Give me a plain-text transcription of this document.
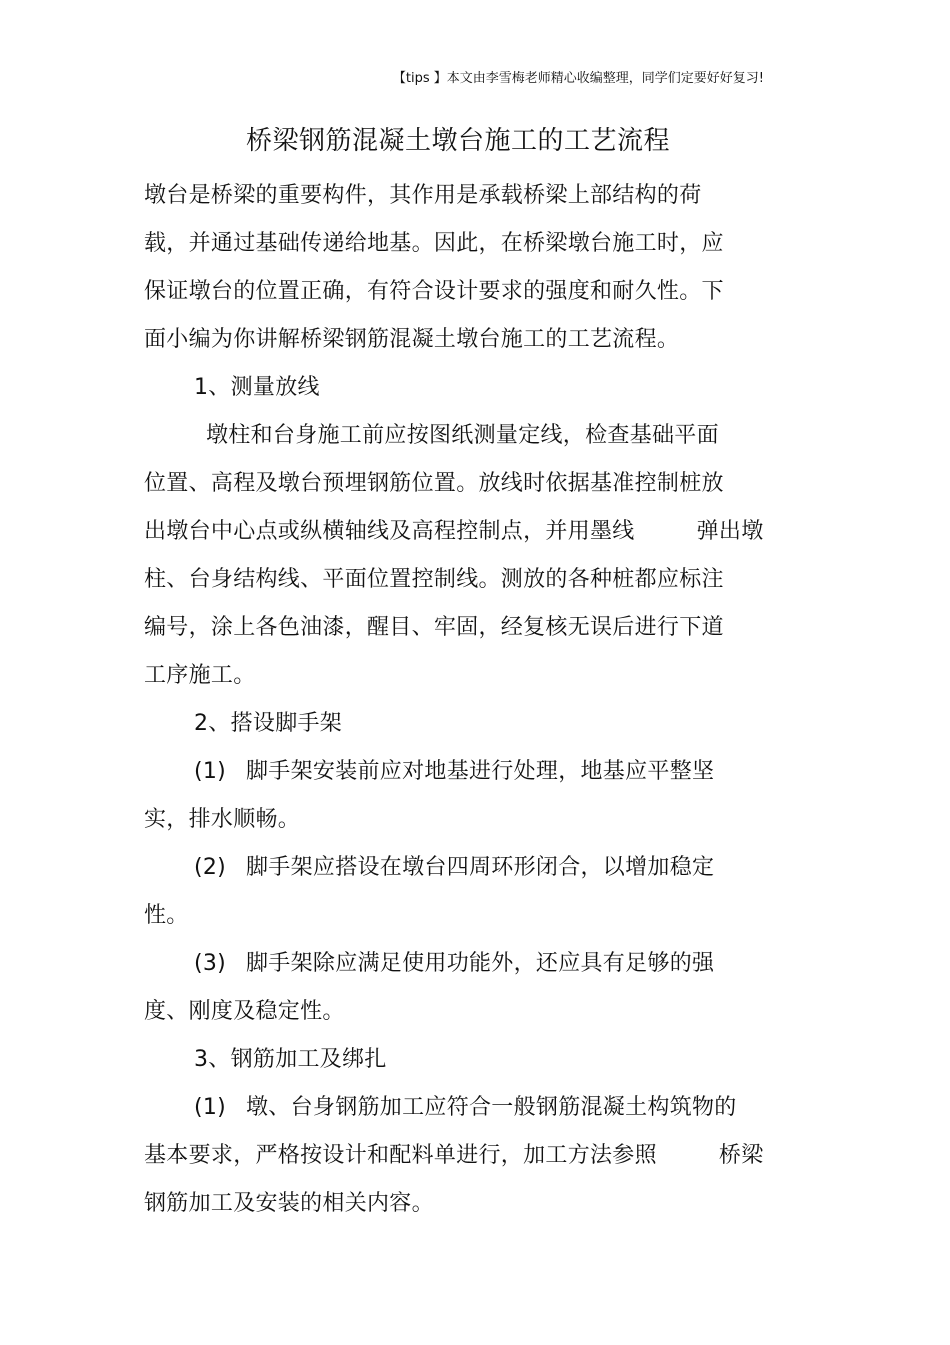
【tips 】本文由李雪梅老师精心收编整理，同学们定要好好复习!
桥梁钢筋混凝土墩台施工的工艺流程
墩台是桥梁的重要构件，其作用是承载桥梁上部结构的荷
载，并通过基础传递给地基。因此，在桥梁墩台施工时，应
保证墩台的位置正确，有符合设计要求的强度和耐久性。下
面小编为你讲解桥梁钢筋混凝土墩台施工的工艺流程。
1、测量放线
墩柱和台身施工前应按图纸测量定线，检查基础平面
位置、高程及墩台预埋钢筋位置。放线时依据基准控制桩放
出墩台中心点或纵横轴线及高程控制点，并用墨线	弹出墩
柱、台身结构线、平面位置控制线。测放的各种桩都应标注
编号，涂上各色油漆，醒目、牢固，经复核无误后进行下道
工序施工。
2、搭设脚手架
(1) 脚手架安装前应对地基进行处理，地基应平整坚
实，排水顺畅。
(2) 脚手架应搭设在墩台四周环形闭合，以增加稳定
性。
(3) 脚手架除应满足使用功能外，还应具有足够的强
度、刚度及稳定性。
3、钢筋加工及绑扎
(1) 墩、台身钢筋加工应符合一般钢筋混凝土构筑物的
基本要求，严格按设计和配料单进行，加工方法参照	桥梁
钢筋加工及安装的相关内容。
